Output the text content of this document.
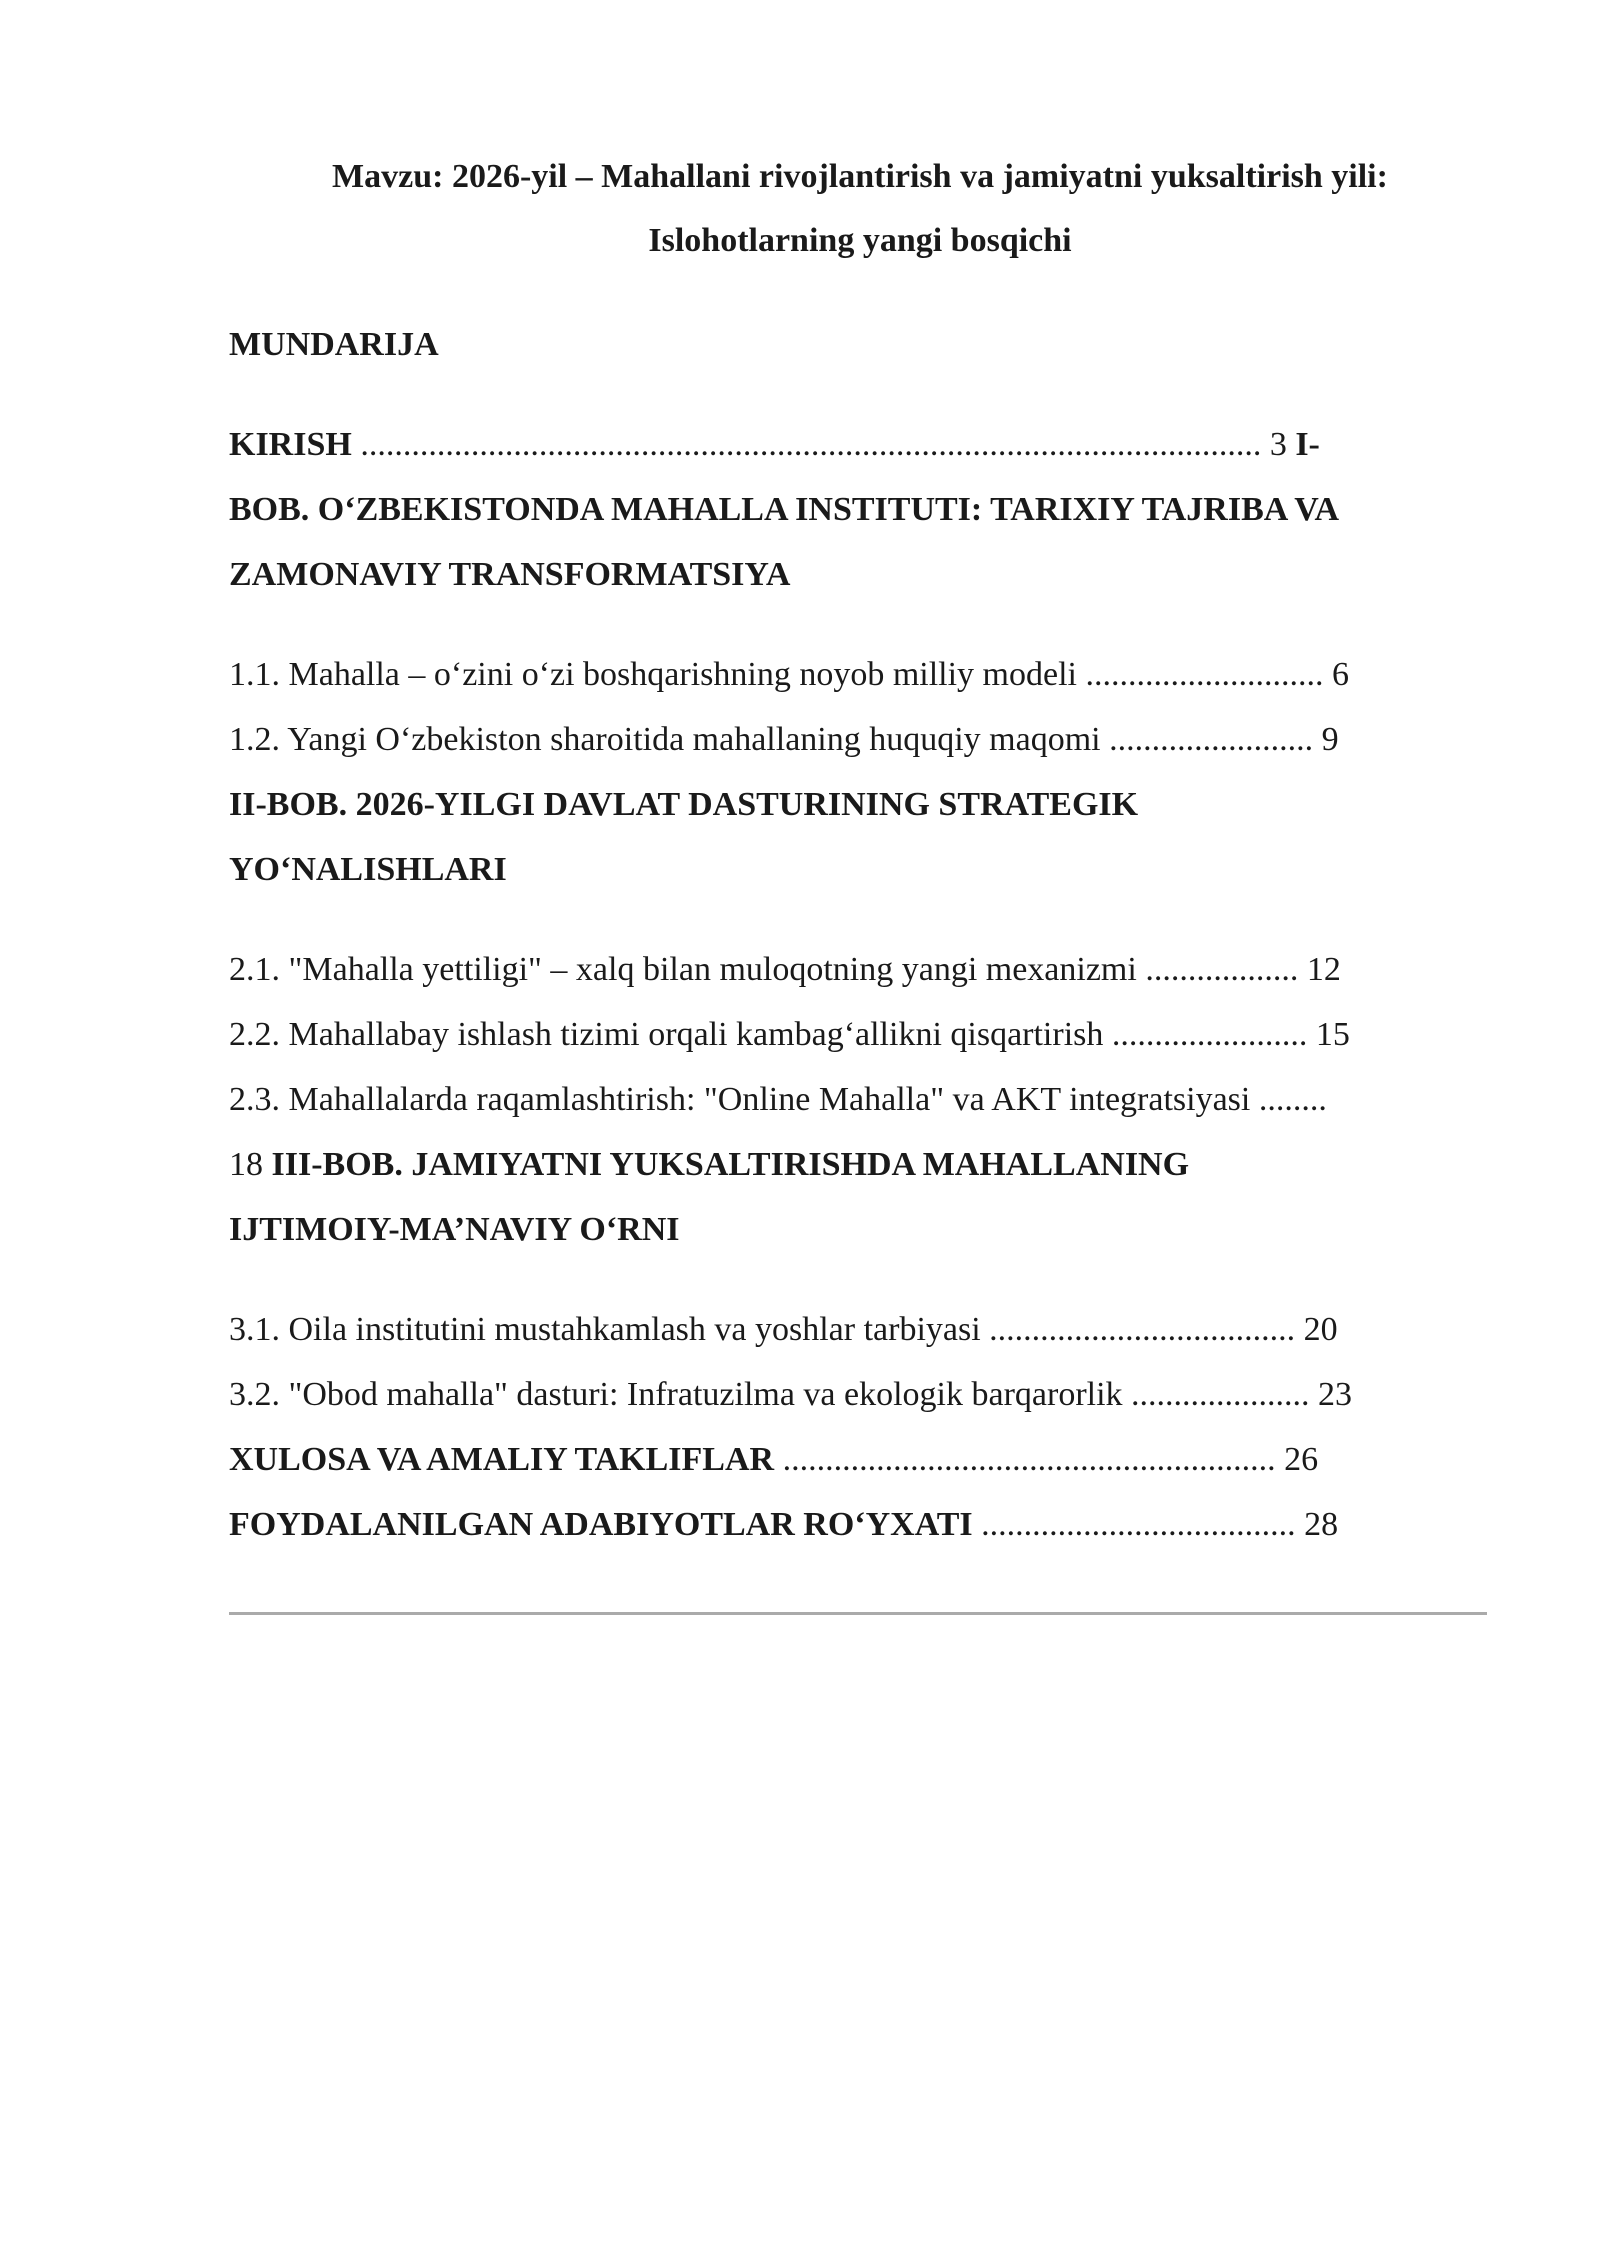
Mavzu: 2026-yil – Mahallani rivojlantirish va jamiyatni yuksaltirish yili:
Islohotlarning yangi bosqichi
MUNDARIJA
KIRISH .......................................................................................................... 3 I-
BOB. O‘ZBEKISTONDA MAHALLA INSTITUTI: TARIXIY TAJRIBA VA
ZAMONAVIY TRANSFORMATSIYA
1.1. Mahalla – o‘zini o‘zi boshqarishning noyob milliy modeli ............................ 6
1.2. Yangi O‘zbekiston sharoitida mahallaning huquqiy maqomi ........................ 9
II-BOB. 2026-YILGI DAVLAT DASTURINING STRATEGIK
YO‘NALISHLARI
2.1. "Mahalla yettiligi" – xalq bilan muloqotning yangi mexanizmi .................. 12
2.2. Mahallabay ishlash tizimi orqali kambag‘allikni qisqartirish ....................... 15
2.3. Mahallalarda raqamlashtirish: "Online Mahalla" va AKT integratsiyasi ........
18 III-BOB. JAMIYATNI YUKSALTIRISHDA MAHALLANING
IJTIMOIY-MA’NAVIY O‘RNI
3.1. Oila institutini mustahkamlash va yoshlar tarbiyasi .................................... 20
3.2. "Obod mahalla" dasturi: Infratuzilma va ekologik barqarorlik ..................... 23
XULOSA VA AMALIY TAKLIFLAR .......................................................... 26
FOYDALANILGAN ADABIYOTLAR RO‘YXATI ..................................... 28
